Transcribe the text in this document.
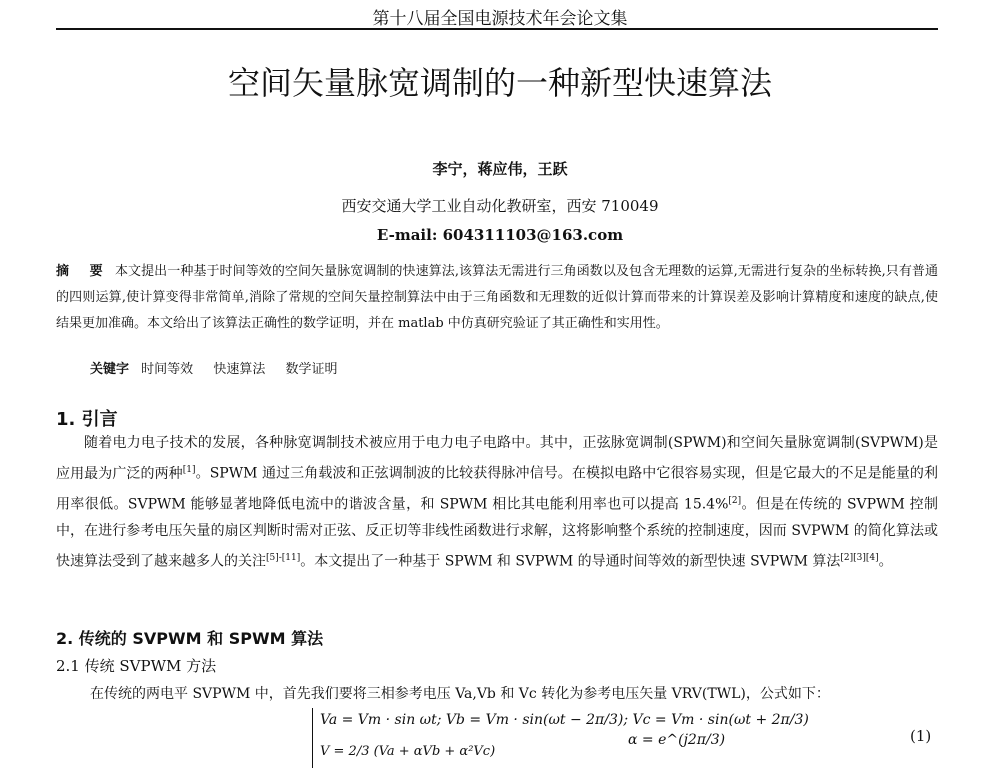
第十八届全国电源技术年会论文集
空间矢量脉宽调制的一种新型快速算法
李宁，蒋应伟，王跃
西安交通大学工业自动化教研室，西安 710049
E-mail: 604311103@163.com
摘 要 本文提出一种基于时间等效的空间矢量脉宽调制的快速算法,该算法无需进行三角函数以及包含无理数的运算,无需进行复杂的坐标转换,只有普通的四则运算,使计算变得非常简单,消除了常规的空间矢量控制算法中由于三角函数和无理数的近似计算而带来的计算误差及影响计算精度和速度的缺点,使结果更加准确。本文给出了该算法正确性的数学证明，并在 matlab 中仿真研究验证了其正确性和实用性。
关键字 时间等效 快速算法 数学证明
1. 引言
随着电力电子技术的发展，各种脉宽调制技术被应用于电力电子电路中。其中，正弦脉宽调制(SPWM)和空间矢量脉宽调制(SVPWM)是应用最为广泛的两种[1]。SPWM 通过三角载波和正弦调制波的比较获得脉冲信号。在模拟电路中它很容易实现，但是它最大的不足是能量的利用率很低。SVPWM 能够显著地降低电流中的谐波含量，和 SPWM 相比其电能利用率也可以提高 15.4%[2]。但是在传统的 SVPWM 控制中，在进行参考电压矢量的扇区判断时需对正弦、反正切等非线性函数进行求解，这将影响整个系统的控制速度，因而 SVPWM 的简化算法或快速算法受到了越来越多人的关注[5]-[11]。本文提出了一种基于 SPWM 和 SVPWM 的导通时间等效的新型快速 SVPWM 算法[2][3][4]。
2. 传统的 SVPWM 和 SPWM 算法
2.1 传统 SVPWM 方法
在传统的两电平 SVPWM 中，首先我们要将三相参考电压 Va,Vb 和 Vc 转化为参考电压矢量 VRV(TWL)，公式如下：
Va = Vm · sin ωt; Vb = Vm · sin(ωt − 2π/3); Vc = Vm · sin(ωt + 2π/3)
α = e^(j2π/3)	(1)
V = 2/3 (Va + αVb + α²Vc)
